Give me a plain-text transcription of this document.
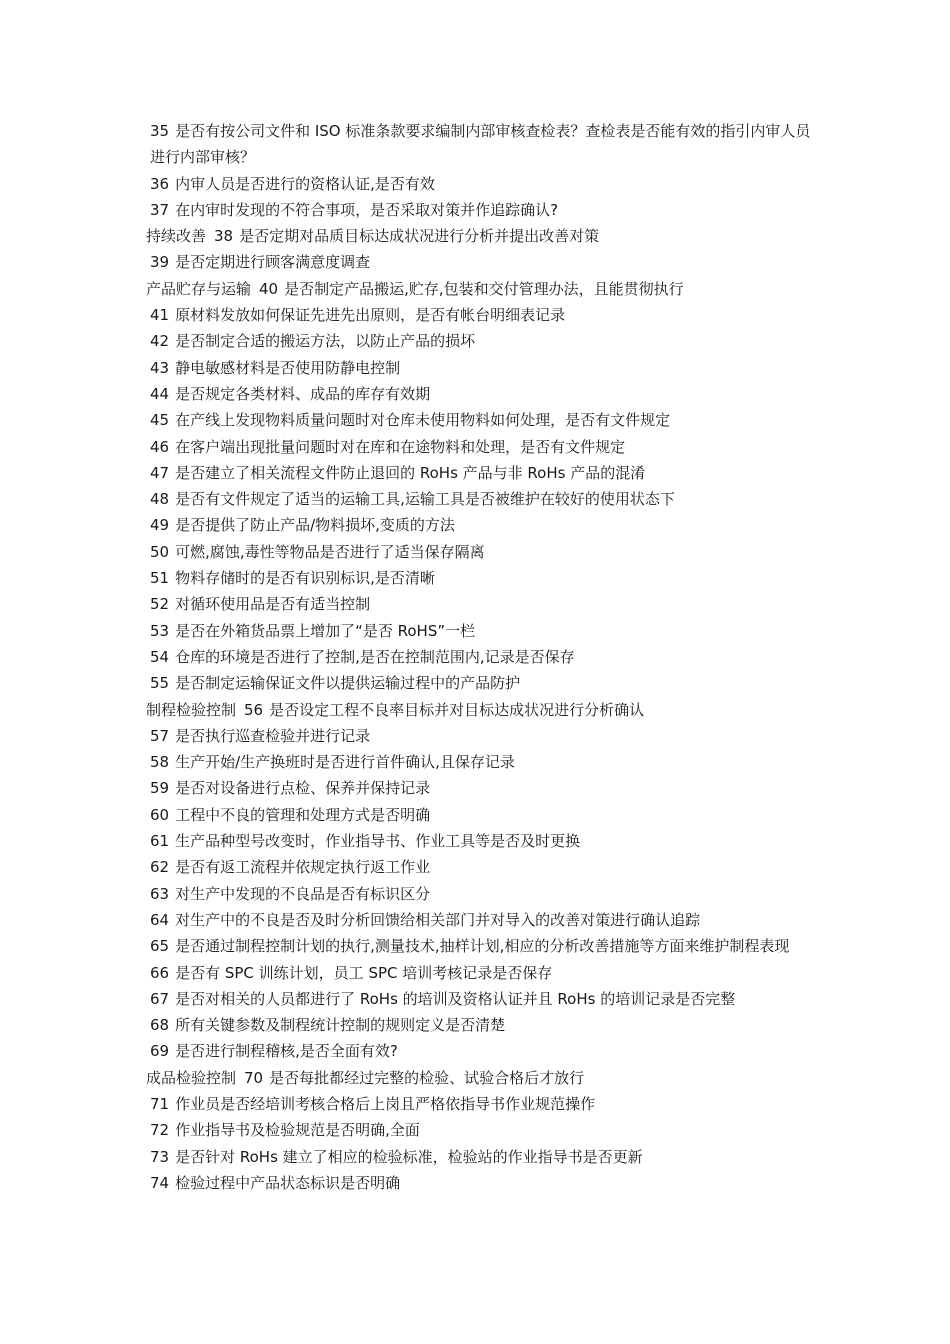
35 是否有按公司文件和 ISO 标准条款要求编制内部审核查检表？查检表是否能有效的指引内审人员进行内部审核？
36 内审人员是否进行的资格认证,是否有效
37 在内审时发现的不符合事项，是否采取对策并作追踪确认?
持续改善 38 是否定期对品质目标达成状况进行分析并提出改善对策
39 是否定期进行顾客满意度调查
产品贮存与运输 40 是否制定产品搬运,贮存,包装和交付管理办法，且能贯彻执行
41 原材料发放如何保证先进先出原则，是否有帐台明细表记录
42 是否制定合适的搬运方法，以防止产品的损坏
43 静电敏感材料是否使用防静电控制
44 是否规定各类材料、成品的库存有效期
45 在产线上发现物料质量问题时对仓库未使用物料如何处理，是否有文件规定
46 在客户端出现批量问题时对在库和在途物料和处理，是否有文件规定
47 是否建立了相关流程文件防止退回的 RoHs 产品与非 RoHs 产品的混淆
48 是否有文件规定了适当的运输工具,运输工具是否被维护在较好的使用状态下
49 是否提供了防止产品/物料损坏,变质的方法
50 可燃,腐蚀,毒性等物品是否进行了适当保存隔离
51 物料存储时的是否有识别标识,是否清晰
52 对循环使用品是否有适当控制
53 是否在外箱货品票上增加了“是否 RoHS”一栏
54 仓库的环境是否进行了控制,是否在控制范围内,记录是否保存
55 是否制定运输保证文件以提供运输过程中的产品防护
制程检验控制 56 是否设定工程不良率目标并对目标达成状况进行分析确认
57 是否执行巡查检验并进行记录
58 生产开始/生产换班时是否进行首件确认,且保存记录
59 是否对设备进行点检、保养并保持记录
60 工程中不良的管理和处理方式是否明确
61 生产品种型号改变时，作业指导书、作业工具等是否及时更换
62 是否有返工流程并依规定执行返工作业
63 对生产中发现的不良品是否有标识区分
64 对生产中的不良是否及时分析回馈给相关部门并对导入的改善对策进行确认追踪
65 是否通过制程控制计划的执行,测量技术,抽样计划,相应的分析改善措施等方面来维护制程表现
66 是否有 SPC 训练计划，员工 SPC 培训考核记录是否保存
67 是否对相关的人员都进行了 RoHs 的培训及资格认证并且 RoHs 的培训记录是否完整
68 所有关键参数及制程统计控制的规则定义是否清楚
69 是否进行制程稽核,是否全面有效?
成品检验控制 70 是否每批都经过完整的检验、试验合格后才放行
71 作业员是否经培训考核合格后上岗且严格依指导书作业规范操作
72 作业指导书及检验规范是否明确,全面
73 是否针对 RoHs 建立了相应的检验标准，检验站的作业指导书是否更新
74 检验过程中产品状态标识是否明确
